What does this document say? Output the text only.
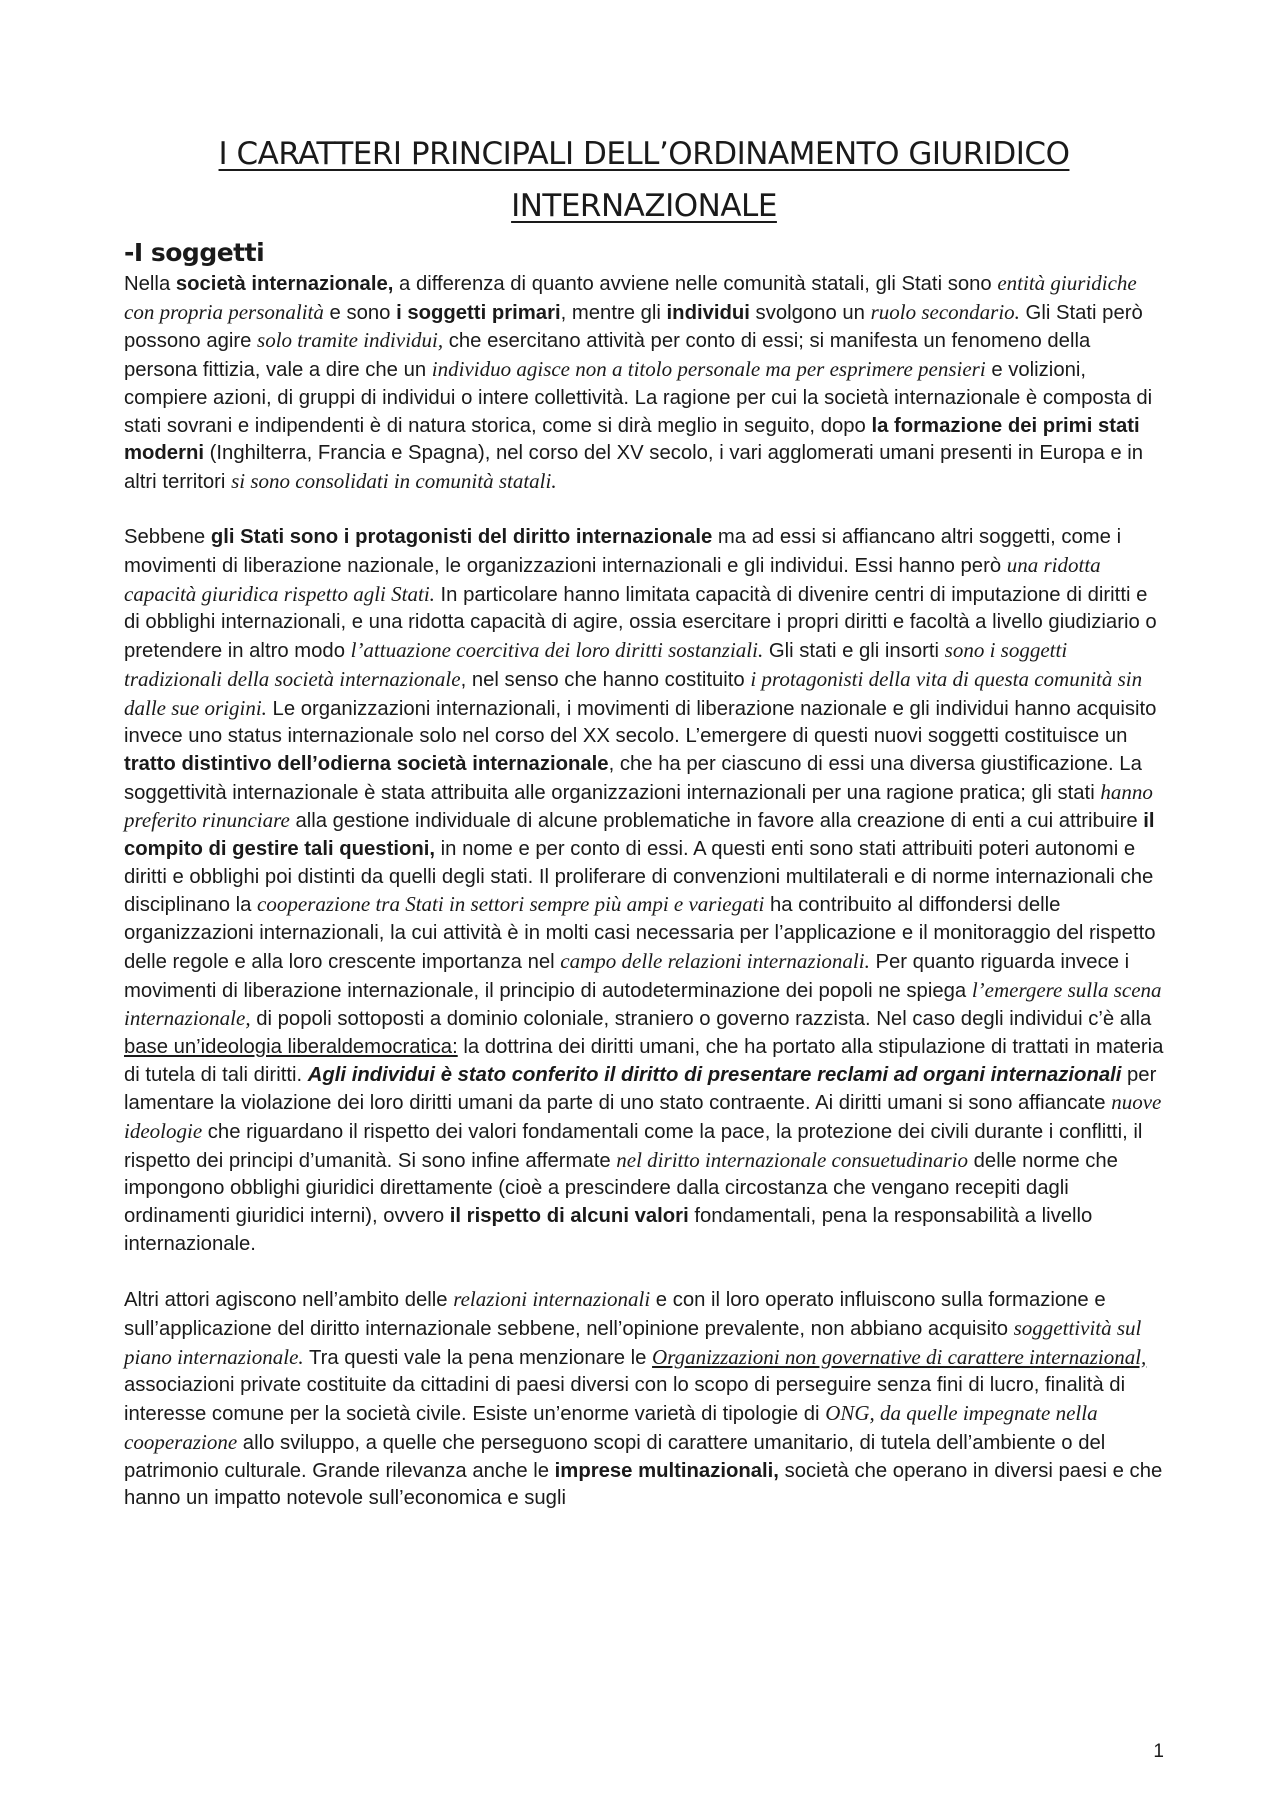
I CARATTERI PRINCIPALI DELL’ORDINAMENTO GIURIDICO
INTERNAZIONALE
-I soggetti

Nella società internazionale, a differenza di quanto avviene nelle comunità statali, gli Stati sono entità giuridiche con propria personalità e sono i soggetti primari, mentre gli individui svolgono un ruolo secondario. Gli Stati però possono agire solo tramite individui, che esercitano attività per conto di essi; si manifesta un fenomeno della persona fittizia, vale a dire che un individuo agisce non a titolo personale ma per esprimere pensieri e volizioni, compiere azioni, di gruppi di individui o intere collettività. La ragione per cui la società internazionale è composta di stati sovrani e indipendenti è di natura storica, come si dirà meglio in seguito, dopo la formazione dei primi stati moderni (Inghilterra, Francia e Spagna), nel corso del XV secolo, i vari agglomerati umani presenti in Europa e in altri territori si sono consolidati in comunità statali.

Sebbene gli Stati sono i protagonisti del diritto internazionale ma ad essi si affiancano altri soggetti, come i movimenti di liberazione nazionale, le organizzazioni internazionali e gli individui. Essi hanno però una ridotta capacità giuridica rispetto agli Stati. In particolare hanno limitata capacità di divenire centri di imputazione di diritti e di obblighi internazionali, e una ridotta capacità di agire, ossia esercitare i propri diritti e facoltà a livello giudiziario o pretendere in altro modo l’attuazione coercitiva dei loro diritti sostanziali. Gli stati e gli insorti sono i soggetti tradizionali della società internazionale, nel senso che hanno costituito i protagonisti della vita di questa comunità sin dalle sue origini. Le organizzazioni internazionali, i movimenti di liberazione nazionale e gli individui hanno acquisito invece uno status internazionale solo nel corso del XX secolo. L’emergere di questi nuovi soggetti costituisce un tratto distintivo dell’odierna società internazionale, che ha per ciascuno di essi una diversa giustificazione. La soggettività internazionale è stata attribuita alle organizzazioni internazionali per una ragione pratica; gli stati hanno preferito rinunciare alla gestione individuale di alcune problematiche in favore alla creazione di enti a cui attribuire il compito di gestire tali questioni, in nome e per conto di essi. A questi enti sono stati attribuiti poteri autonomi e diritti e obblighi poi distinti da quelli degli stati. Il proliferare di convenzioni multilaterali e di norme internazionali che disciplinano la cooperazione tra Stati in settori sempre più ampi e variegati ha contribuito al diffondersi delle organizzazioni internazionali, la cui attività è in molti casi necessaria per l’applicazione e il monitoraggio del rispetto delle regole e alla loro crescente importanza nel campo delle relazioni internazionali. Per quanto riguarda invece i movimenti di liberazione internazionale, il principio di autodeterminazione dei popoli ne spiega l’emergere sulla scena internazionale, di popoli sottoposti a dominio coloniale, straniero o governo razzista. Nel caso degli individui c’è alla base un’ideologia liberaldemocratica: la dottrina dei diritti umani, che ha portato alla stipulazione di trattati in materia di tutela di tali diritti. Agli individui è stato conferito il diritto di presentare reclami ad organi internazionali per lamentare la violazione dei loro diritti umani da parte di uno stato contraente. Ai diritti umani si sono affiancate nuove ideologie che riguardano il rispetto dei valori fondamentali come la pace, la protezione dei civili durante i conflitti, il rispetto dei principi d’umanità. Si sono infine affermate nel diritto internazionale consuetudinario delle norme che impongono obblighi giuridici direttamente (cioè a prescindere dalla circostanza che vengano recepiti dagli ordinamenti giuridici interni), ovvero il rispetto di alcuni valori fondamentali, pena la responsabilità a livello internazionale.

Altri attori agiscono nell’ambito delle relazioni internazionali e con il loro operato influiscono sulla formazione e sull’applicazione del diritto internazionale sebbene, nell’opinione prevalente, non abbiano acquisito soggettività sul piano internazionale. Tra questi vale la pena menzionare le Organizzazioni non governative di carattere internazional, associazioni private costituite da cittadini di paesi diversi con lo scopo di perseguire senza fini di lucro, finalità di interesse comune per la società civile. Esiste un’enorme varietà di tipologie di ONG, da quelle impegnate nella cooperazione allo sviluppo, a quelle che perseguono scopi di carattere umanitario, di tutela dell’ambiente o del patrimonio culturale. Grande rilevanza anche le imprese multinazionali, società che operano in diversi paesi e che hanno un impatto notevole sull’economica e sugli

1
